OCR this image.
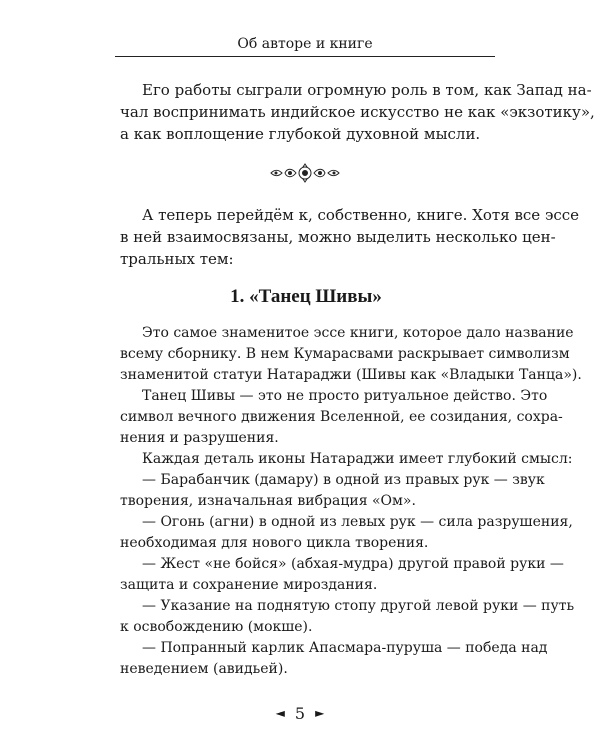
Об авторе и книге
Его работы сыграли огромную роль в том, как Запад на-
чал воспринимать индийское искусство не как «экзотику»,
а как воплощение глубокой духовной мысли.
А теперь перейдём к, собственно, книге. Хотя все эссе
в ней взаимосвязаны, можно выделить несколько цен-
тральных тем:
1. «Танец Шивы»
Это самое знаменитое эссе книги, которое дало название
всему сборнику. В нем Кумарасвами раскрывает символизм
знаменитой статуи Натараджи (Шивы как «Владыки Танца»).
Танец Шивы — это не просто ритуальное действо. Это
символ вечного движения Вселенной, ее созидания, сохра-
нения и разрушения.
Каждая деталь иконы Натараджи имеет глубокий смысл:
— Барабанчик (дамару) в одной из правых рук — звук
творения, изначальная вибрация «Ом».
— Огонь (агни) в одной из левых рук — сила разрушения,
необходимая для нового цикла творения.
— Жест «не бойся» (абхая-мудра) другой правой руки —
защита и сохранение мироздания.
— Указание на поднятую стопу другой левой руки — путь
к освобождению (мокше).
— Попранный карлик Апасмара-пуруша — победа над
неведением (авидьей).
◄ 5 ►
